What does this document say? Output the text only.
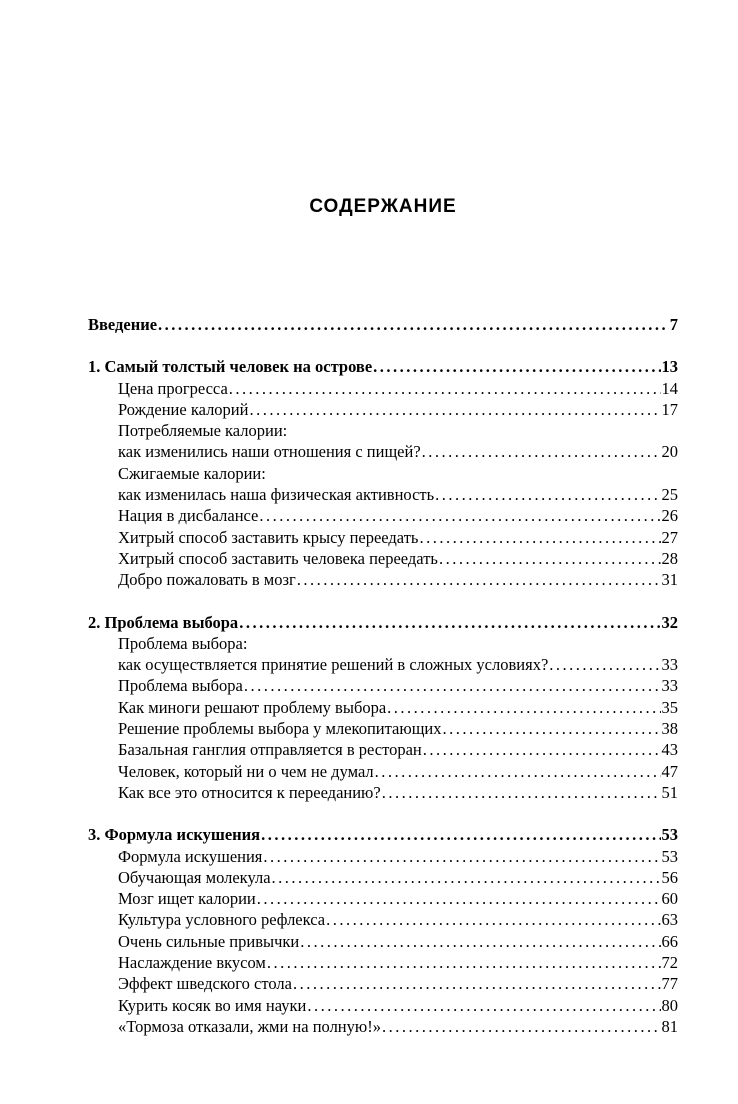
СОДЕРЖАНИЕ
Введение .....	7
1. Самый толстый человек на острове .....	13
Цена прогресса .....	14
Рождение калорий .....	17
Потребляемые калории:
как изменились наши отношения с пищей? .....	20
Сжигаемые калории:
как изменилась наша физическая активность .....	25
Нация в дисбалансе .....	26
Хитрый способ заставить крысу переедать .....	27
Хитрый способ заставить человека переедать .....	28
Добро пожаловать в мозг .....	31
2. Проблема выбора .....	32
Проблема выбора:
как осуществляется принятие решений в сложных условиях? .....	33
Проблема выбора .....	33
Как миноги решают проблему выбора .....	35
Решение проблемы выбора у млекопитающих .....	38
Базальная ганглия отправляется в ресторан .....	43
Человек, который ни о чем не думал .....	47
Как все это относится к перееданию? .....	51
3. Формула искушения .....	53
Формула искушения .....	53
Обучающая молекула .....	56
Мозг ищет калории .....	60
Культура условного рефлекса .....	63
Очень сильные привычки .....	66
Наслаждение вкусом .....	72
Эффект шведского стола .....	77
Курить косяк во имя науки .....	80
«Тормоза отказали, жми на полную!» .....	81
